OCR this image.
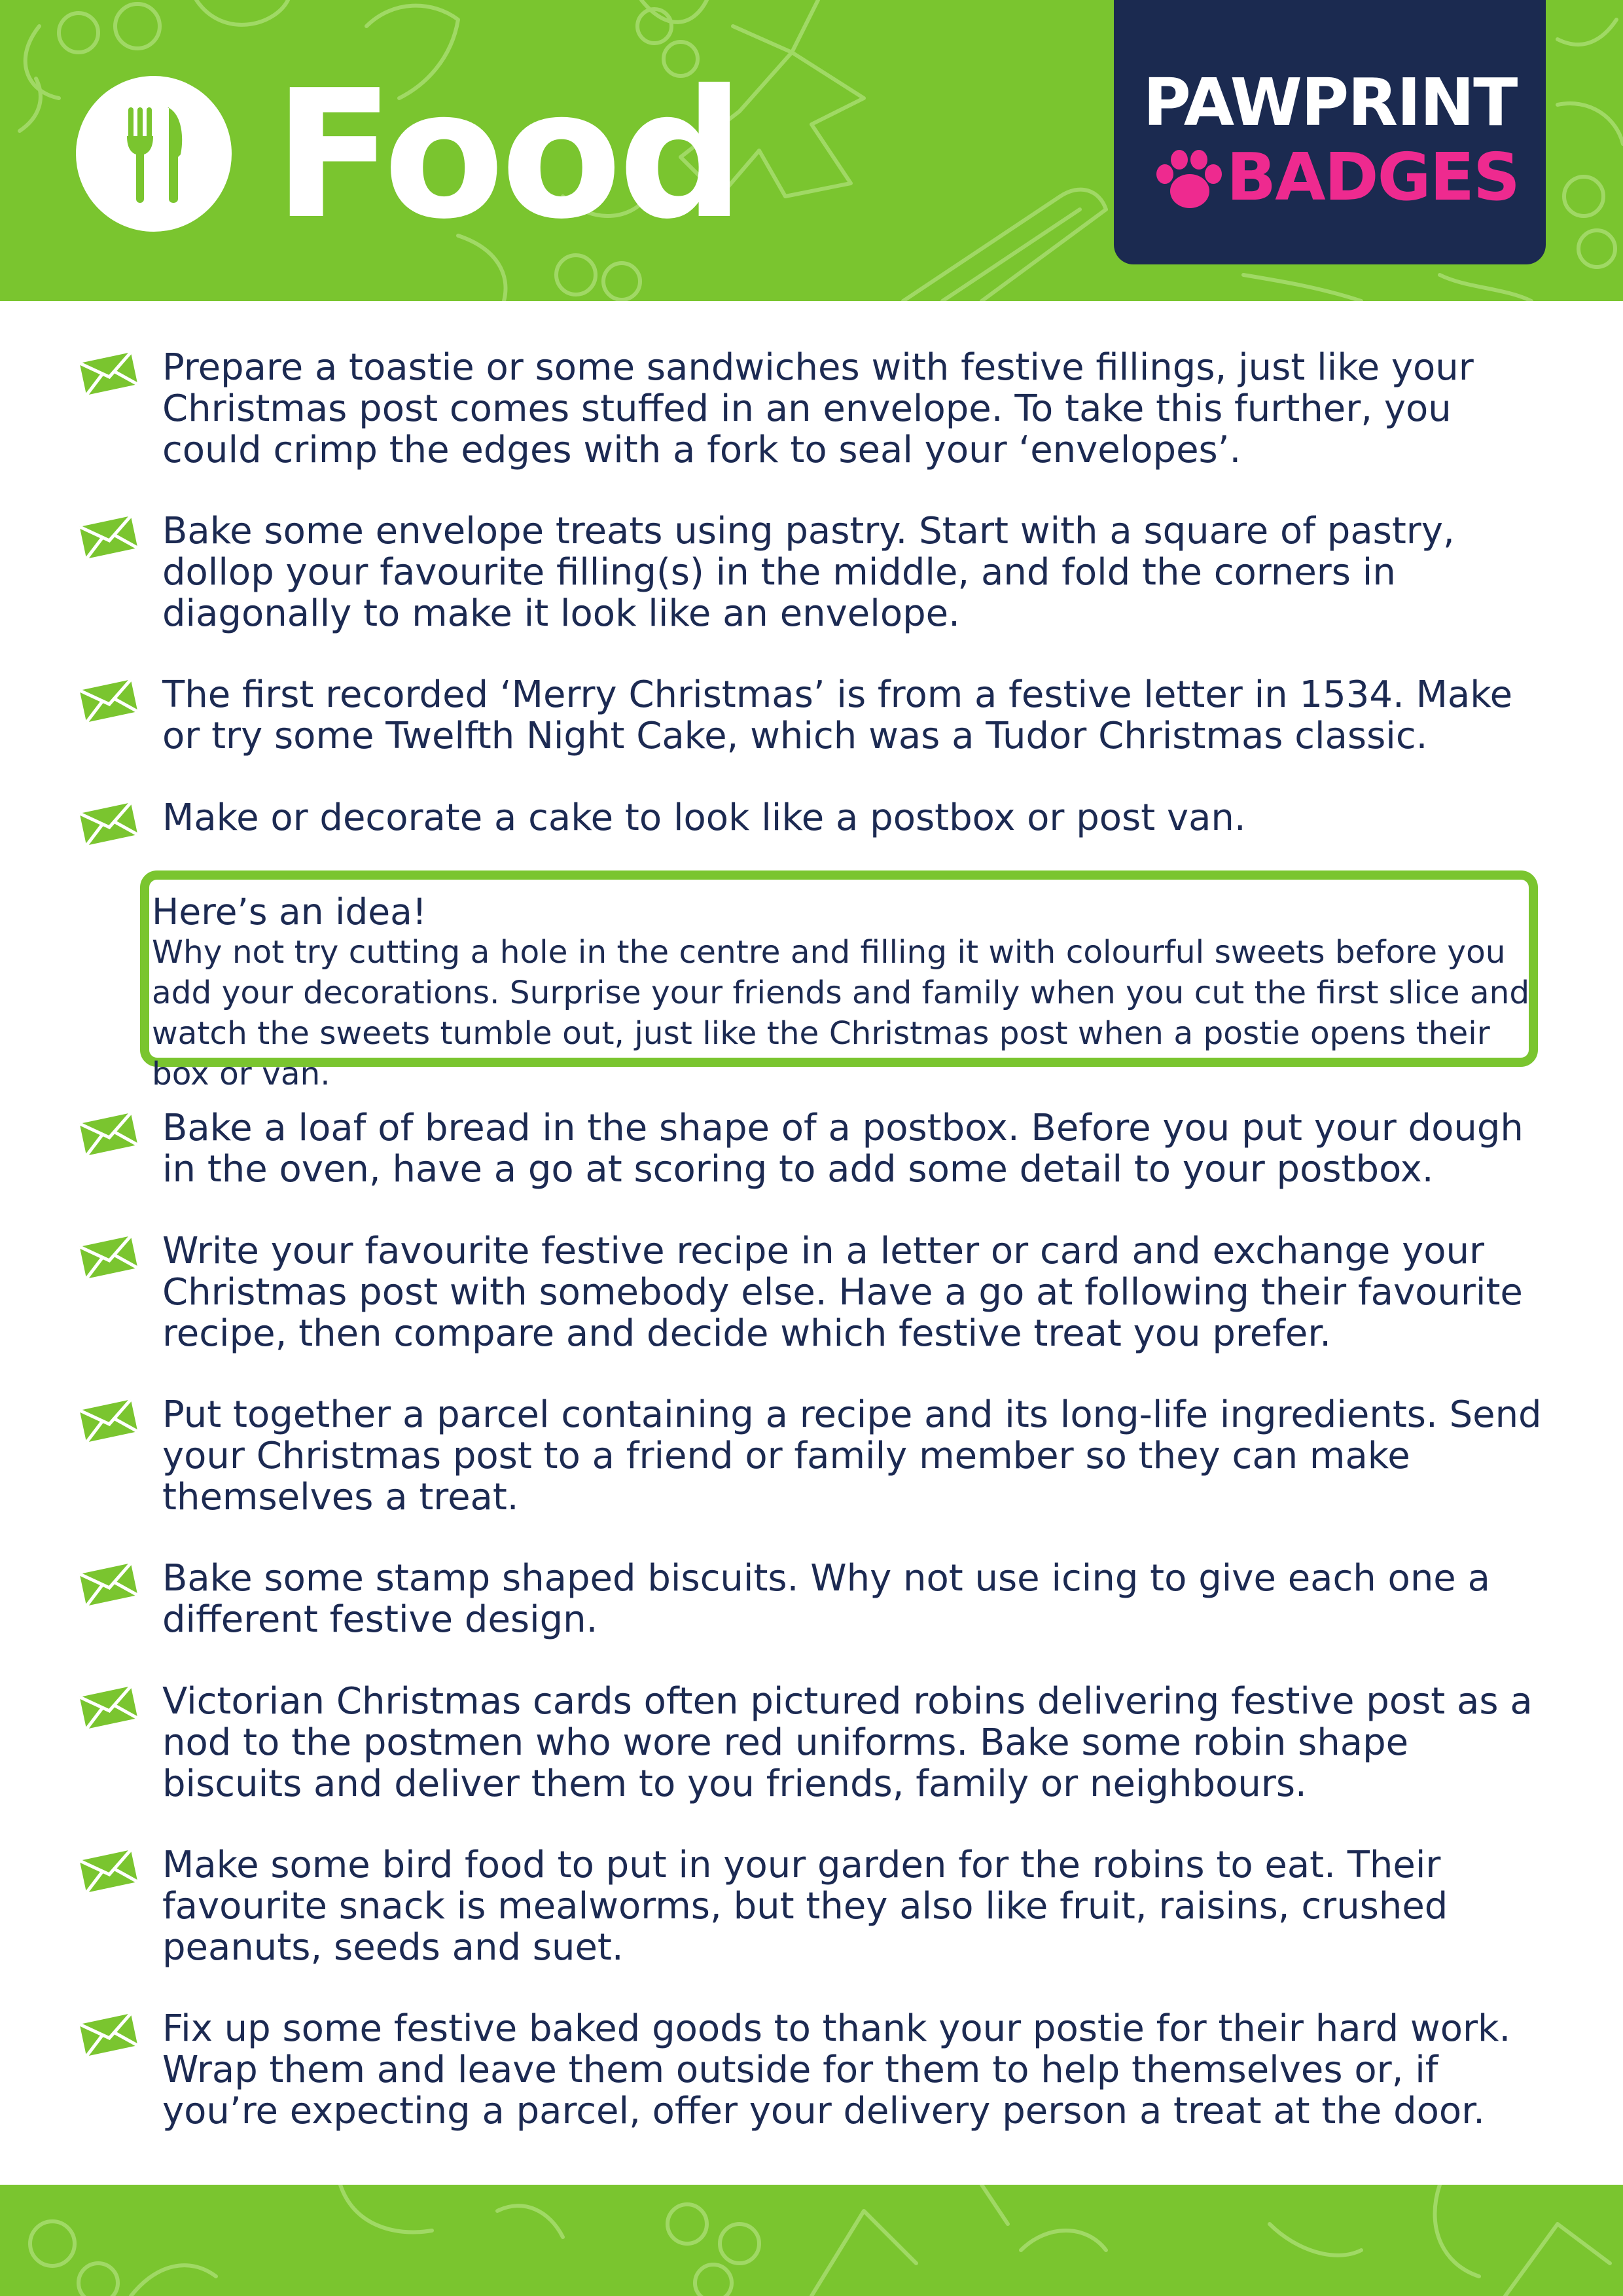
Food	PAWPRINT
BADGES
Prepare a toastie or some sandwiches with festive fillings, just like your Christmas post comes stuffed in an envelope. To take this further, you could crimp the edges with a fork to seal your ‘envelopes’.
Bake some envelope treats using pastry. Start with a square of pastry, dollop your favourite filling(s) in the middle, and fold the corners in diagonally to make it look like an envelope.
The first recorded ‘Merry Christmas’ is from a festive letter in 1534. Make or try some Twelfth Night Cake, which was a Tudor Christmas classic.
Make or decorate a cake to look like a postbox or post van.
Here’s an idea!
Why not try cutting a hole in the centre and filling it with colourful sweets before you add your decorations. Surprise your friends and family when you cut the first slice and watch the sweets tumble out, just like the Christmas post when a postie opens their box or van.
Bake a loaf of bread in the shape of a postbox. Before you put your dough in the oven, have a go at scoring to add some detail to your postbox.
Write your favourite festive recipe in a letter or card and exchange your Christmas post with somebody else. Have a go at following their favourite recipe, then compare and decide which festive treat you prefer.
Put together a parcel containing a recipe and its long-life ingredients. Send your Christmas post to a friend or family member so they can make themselves a treat.
Bake some stamp shaped biscuits. Why not use icing to give each one a different festive design.
Victorian Christmas cards often pictured robins delivering festive post as a nod to the postmen who wore red uniforms. Bake some robin shape biscuits and deliver them to you friends, family or neighbours.
Make some bird food to put in your garden for the robins to eat. Their favourite snack is mealworms, but they also like fruit, raisins, crushed peanuts, seeds and suet.
Fix up some festive baked goods to thank your postie for their hard work. Wrap them and leave them outside for them to help themselves or, if you’re expecting a parcel, offer your delivery person a treat at the door.
